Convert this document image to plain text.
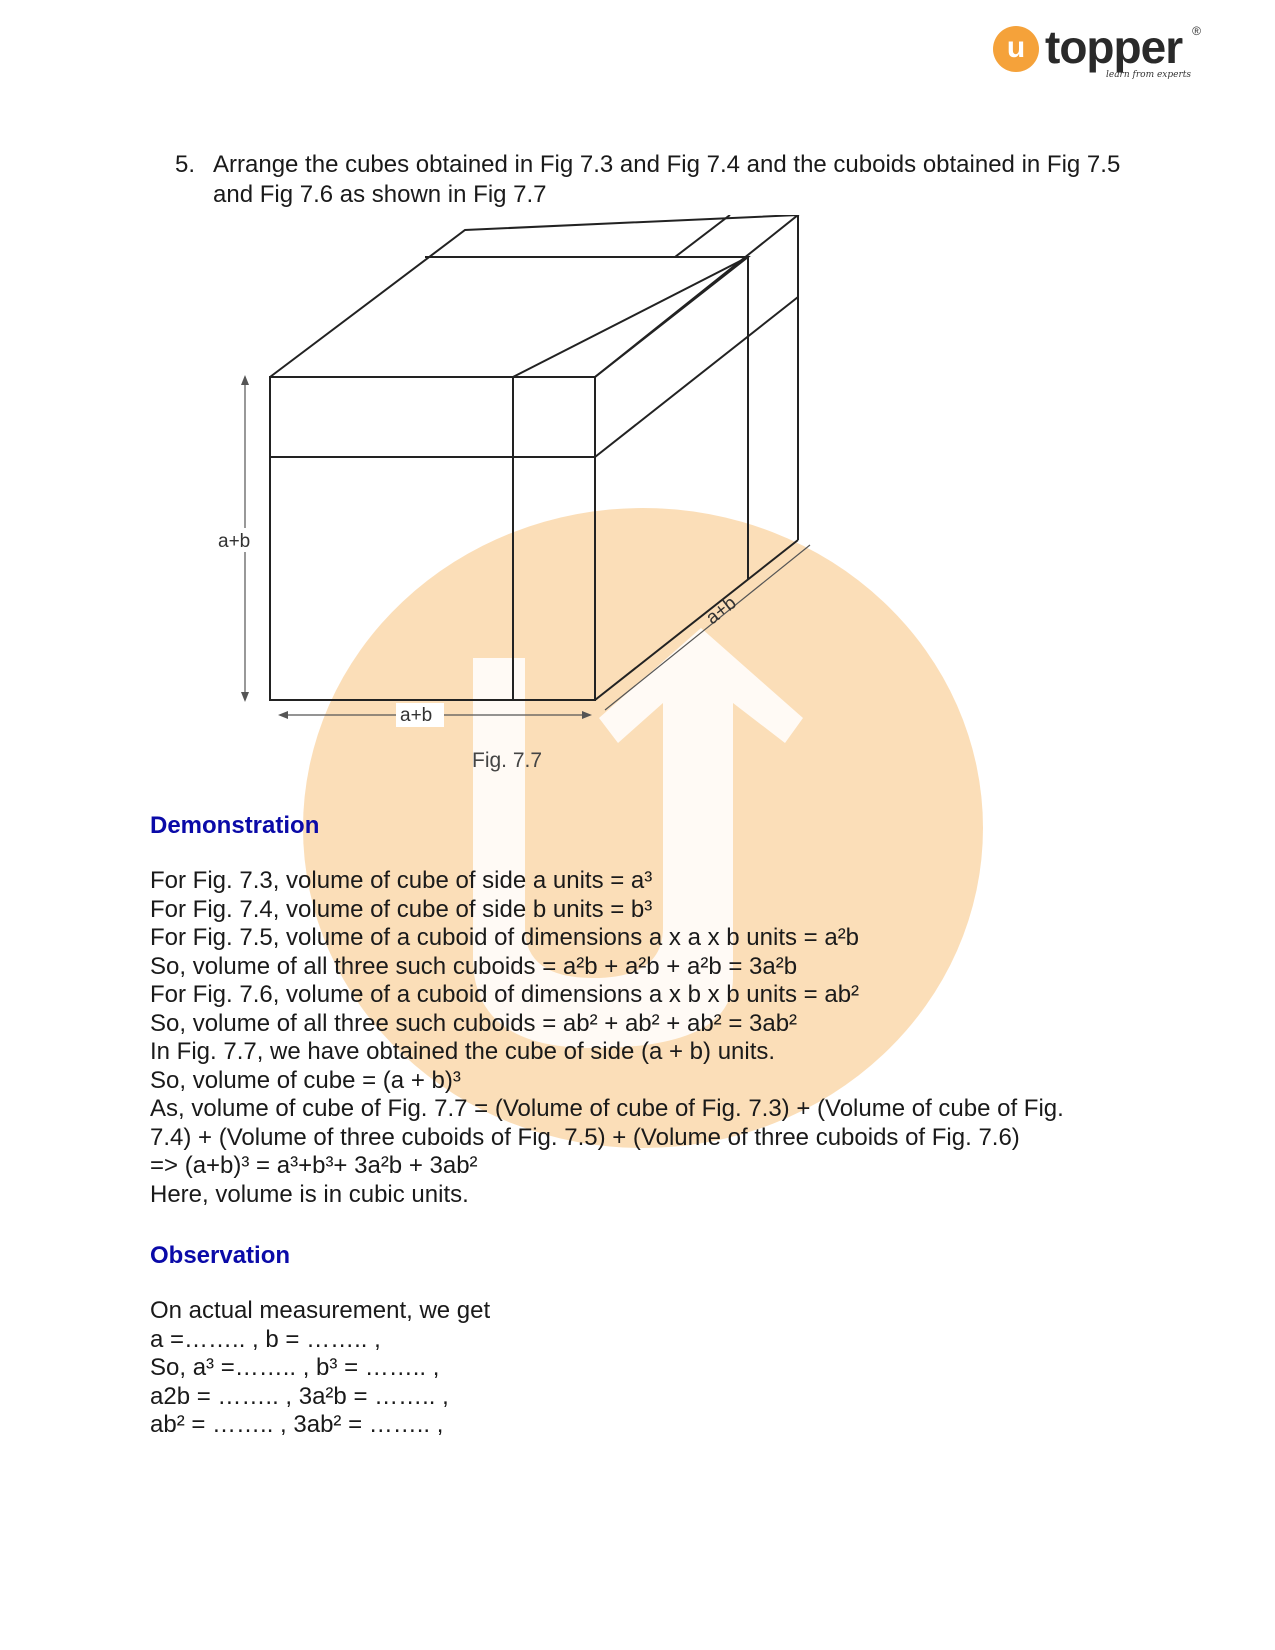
u topper ®
learn from experts
5. Arrange the cubes obtained in Fig 7.3 and Fig 7.4 and the cuboids obtained in Fig 7.5 and Fig 7.6 as shown in Fig 7.7
a+b
a+b
a+b
Fig. 7.7
Demonstration
For Fig. 7.3, volume of cube of side a units = a³
For Fig. 7.4, volume of cube of side b units = b³
For Fig. 7.5, volume of a cuboid of dimensions a x a x b units = a²b
So, volume of all three such cuboids = a²b + a²b + a²b = 3a²b
For Fig. 7.6, volume of a cuboid of dimensions a x b x b units = ab²
So, volume of all three such cuboids = ab² + ab² + ab² = 3ab²
In Fig. 7.7, we have obtained the cube of side (a + b) units.
So, volume of cube = (a + b)³
As, volume of cube of Fig. 7.7 = (Volume of cube of Fig. 7.3) + (Volume of cube of Fig. 7.4) + (Volume of three cuboids of Fig. 7.5) + (Volume of three cuboids of Fig. 7.6)
=> (a+b)³ = a³+b³+ 3a²b + 3ab²
Here, volume is in cubic units.
Observation
On actual measurement, we get
a =…….. , b = …….. ,
So, a³ =…….. , b³ = …….. ,
a2b = …….. , 3a²b = …….. ,
ab² = …….. , 3ab² = …….. ,
